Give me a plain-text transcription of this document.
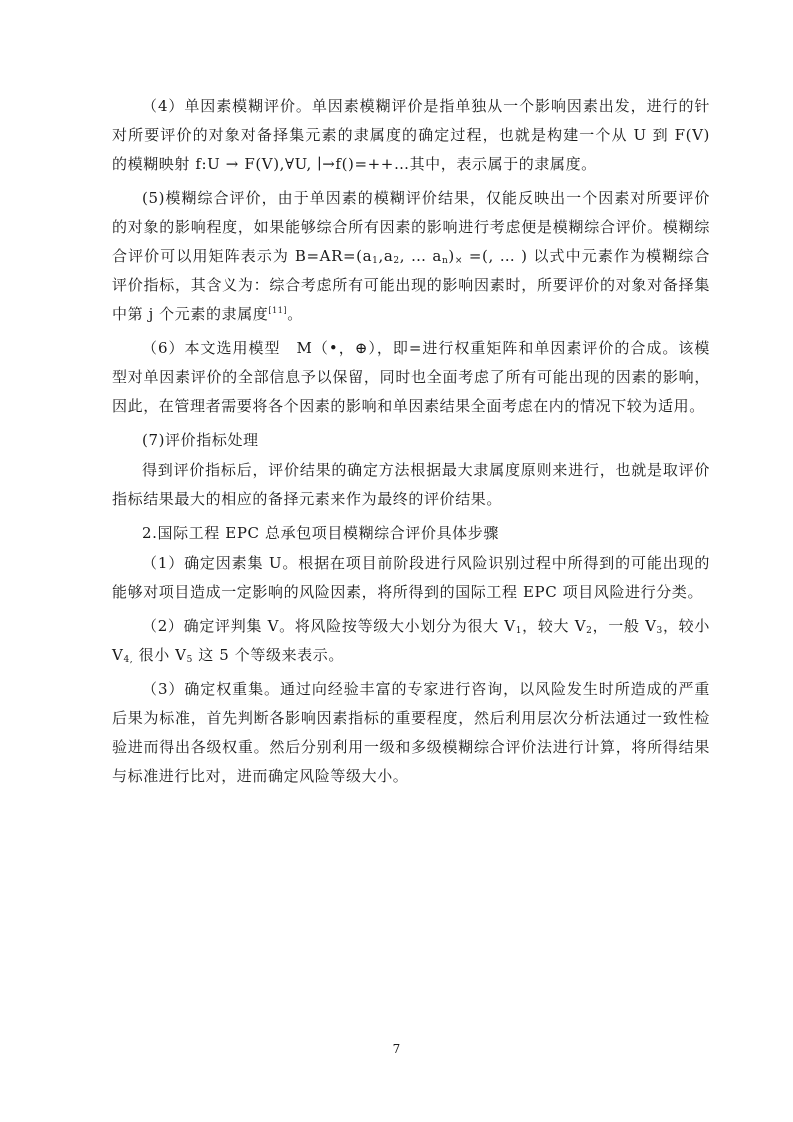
（4）单因素模糊评价。单因素模糊评价是指单独从一个影响因素出发，进行的针对所要评价的对象对备择集元素的隶属度的确定过程，也就是构建一个从 U 到 F(V) 的模糊映射 f:U → F(V),∀U, ∣→f()=++…其中，表示属于的隶属度。

(5)模糊综合评价，由于单因素的模糊评价结果，仅能反映出一个因素对所要评价的对象的影响程度，如果能够综合所有因素的影响进行考虑便是模糊综合评价。模糊综合评价可以用矩阵表示为 $B=AR=(a_1,a_2$, … $a_n)_\times$ =(, … ) 以式中元素作为模糊综合评价指标，其含义为：综合考虑所有可能出现的影响因素时，所要评价的对象对备择集中第 j 个元素的隶属度[11]。

（6）本文选用模型　M（•，⊕），即=进行权重矩阵和单因素评价的合成。该模型对单因素评价的全部信息予以保留，同时也全面考虑了所有可能出现的因素的影响，因此，在管理者需要将各个因素的影响和单因素结果全面考虑在内的情况下较为适用。

(7)评价指标处理

得到评价指标后，评价结果的确定方法根据最大隶属度原则来进行，也就是取评价指标结果最大的相应的备择元素来作为最终的评价结果。

2.国际工程 EPC 总承包项目模糊综合评价具体步骤

（1）确定因素集 U。根据在项目前阶段进行风险识别过程中所得到的可能出现的能够对项目造成一定影响的风险因素，将所得到的国际工程 EPC 项目风险进行分类。

（2）确定评判集 V。将风险按等级大小划分为很大 $V_1$，较大 $V_2$，一般 $V_3$，较小 $V_{4,}$ 很小 $V_5$ 这 5 个等级来表示。

（3）确定权重集。通过向经验丰富的专家进行咨询，以风险发生时所造成的严重后果为标准，首先判断各影响因素指标的重要程度，然后利用层次分析法通过一致性检验进而得出各级权重。然后分别利用一级和多级模糊综合评价法进行计算，将所得结果与标准进行比对，进而确定风险等级大小。

7
